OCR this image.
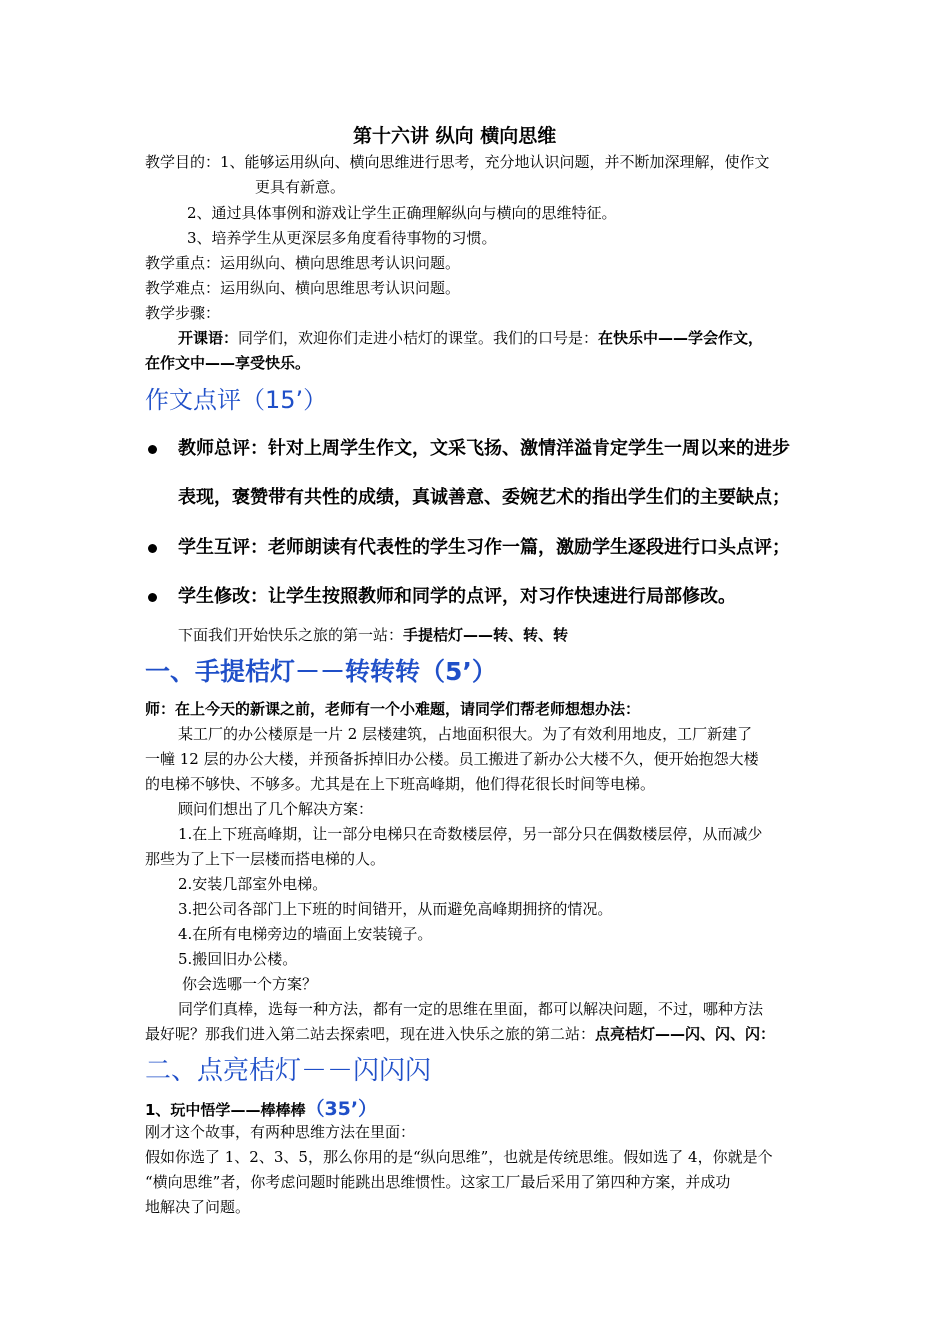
第十六讲 纵向 横向思维
教学目的：1、能够运用纵向、横向思维进行思考，充分地认识问题，并不断加深理解，使作文
更具有新意。
2、通过具体事例和游戏让学生正确理解纵向与横向的思维特征。
3、培养学生从更深层多角度看待事物的习惯。
教学重点：运用纵向、横向思维思考认识问题。
教学难点：运用纵向、横向思维思考认识问题。
教学步骤：
开课语：同学们，欢迎你们走进小桔灯的课堂。我们的口号是：在快乐中——学会作文，
在作文中——享受快乐。
作文点评（15’）
教师总评：针对上周学生作文，文采飞扬、激情洋溢肯定学生一周以来的进步
表现，褒赞带有共性的成绩，真诚善意、委婉艺术的指出学生们的主要缺点；
学生互评：老师朗读有代表性的学生习作一篇，激励学生逐段进行口头点评；
学生修改：让学生按照教师和同学的点评，对习作快速进行局部修改。
下面我们开始快乐之旅的第一站：手提桔灯——转、转、转
一、手提桔灯－－转转转（5’）
师：在上今天的新课之前，老师有一个小难题，请同学们帮老师想想办法：
某工厂的办公楼原是一片 2 层楼建筑，占地面积很大。为了有效利用地皮，工厂新建了
一幢 12 层的办公大楼，并预备拆掉旧办公楼。员工搬进了新办公大楼不久，便开始抱怨大楼
的电梯不够快、不够多。尤其是在上下班高峰期，他们得花很长时间等电梯。
顾问们想出了几个解决方案：
1.在上下班高峰期，让一部分电梯只在奇数楼层停，另一部分只在偶数楼层停，从而减少
那些为了上下一层楼而搭电梯的人。
2.安装几部室外电梯。
3.把公司各部门上下班的时间错开，从而避免高峰期拥挤的情况。
4.在所有电梯旁边的墙面上安装镜子。
5.搬回旧办公楼。
你会选哪一个方案？
同学们真棒，选每一种方法，都有一定的思维在里面，都可以解决问题，不过，哪种方法
最好呢？那我们进入第二站去探索吧，现在进入快乐之旅的第二站：点亮桔灯——闪、闪、闪：
二、点亮桔灯－－闪闪闪
1、玩中悟学——棒棒棒（35’）
刚才这个故事，有两种思维方法在里面：
假如你选了 1、2、3、5，那么你用的是“纵向思维”，也就是传统思维。假如选了 4，你就是个
“横向思维”者，你考虑问题时能跳出思维惯性。这家工厂最后采用了第四种方案，并成功
地解决了问题。
